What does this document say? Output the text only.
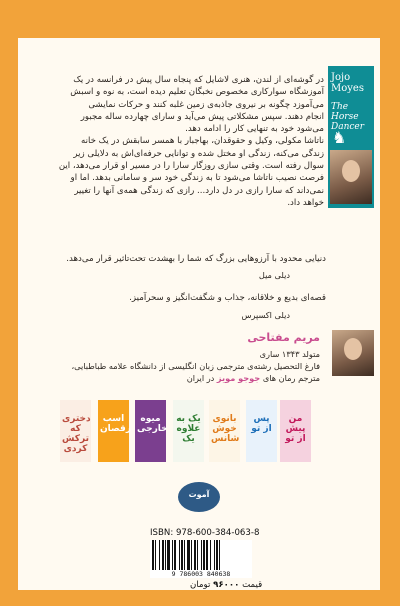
Jojo Moyes
The Horse Dancer
♞
در گوشه‌ای از لندن، هنری لاشایل که پنجاه سال پیش در فرانسه در یک
آموزشگاه سوارکاری مخصوص نخبگان تعلیم دیده است، به نوه و اسبش
می‌آموزد چگونه بر نیروی جاذبه‌ی زمین غلبه کنند و حرکات نمایشی
انجام دهند. سپس مشکلاتی پیش می‌آید و سارای چهارده ساله مجبور
می‌شود خود به تنهایی کار را ادامه دهد.
ناتاشا مکولی، وکیل و حقوقدان، بهاجبار با همسر سابقش در یک خانه
زندگی می‌کنه، زندگی او مختل شده و توانایی حرفه‌ای‌اش به دلایلی زیر
سوال رفته است. وقتی سازی روزگار سارا را در مسیر او قرار می‌دهد، این
فرصت نصیب ناتاشا می‌شود تا به زندگی خود سر و سامانی بدهد. اما او
نمی‌داند که سارا رازی در دل دارد... رازی که زندگی همه‌ی آنها را تغییر
خواهد داد.
دنیایی محدود با آرزوهایی بزرگ که شما را بهشدت تحت‌تاثیر قرار می‌دهد.
دیلی میل
قصه‌ای بدیع و خلاقانه، جذاب و شگفت‌انگیز و سحرآمیز.
دیلی اکسپرس
مریم مفتاحی
متولد ۱۳۴۳ ساری
فارغ التحصیل رشته‌ی مترجمی زبان انگلیسی از دانشگاه علامه طباطبایی،
مترجم رمان های جوجو مویز در ایران
من پیش از تو
پس از تو
بانوی خوش شانس
یک به علاوه یک
میوه خارجی
اسب رقصان
دختری که ترکش کردی
آموت
ISBN: 978-600-384-063-8
9 786003 840638
قیمت ۹۶۰۰۰ تومان
